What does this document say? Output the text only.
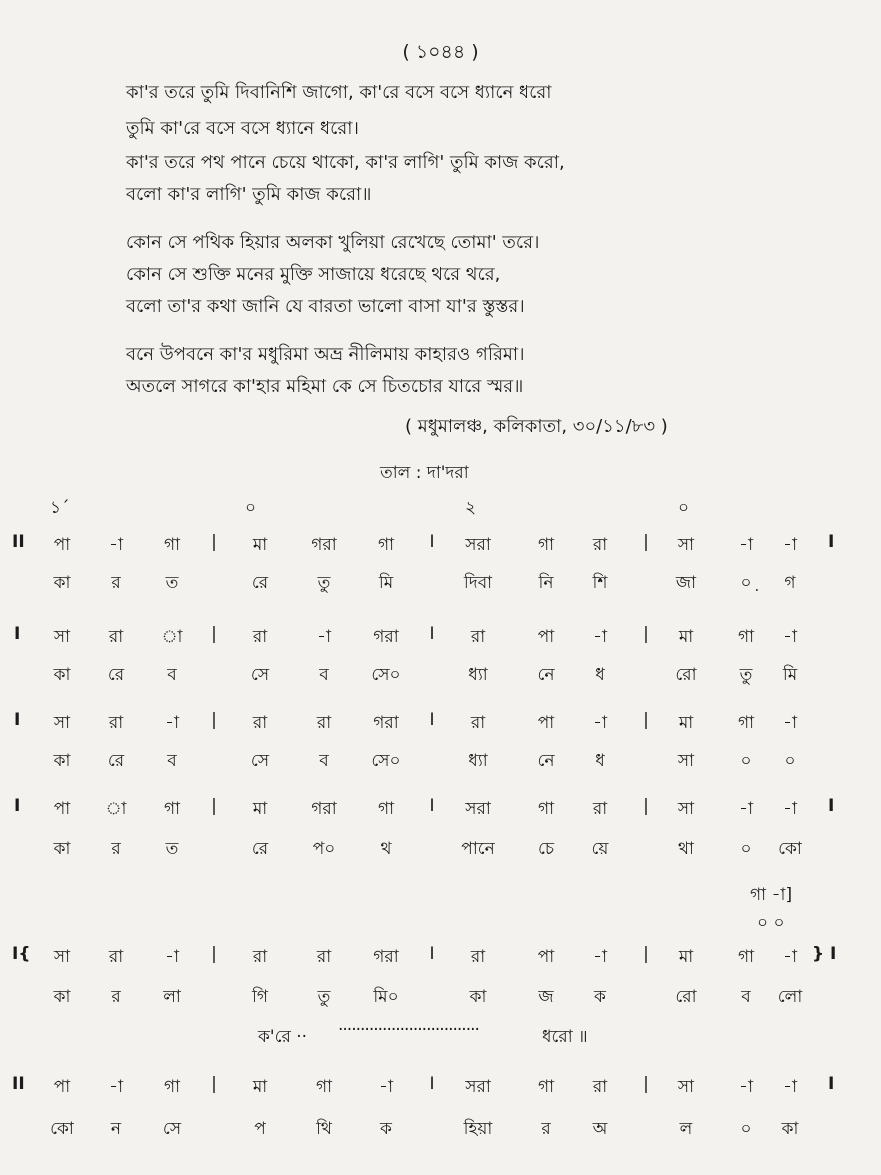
( ১০৪৪ )
কা'র তরে তুমি দিবানিশি জাগো, কা'রে বসে বসে ধ্যানে ধরো
তুমি কা'রে বসে বসে ধ্যানে ধরো।
কা'র তরে পথ পানে চেয়ে থাকো, কা'র লাগি' তুমি কাজ করো,
বলো কা'র লাগি' তুমি কাজ করো॥
কোন সে পথিক হিয়ার অলকা খুলিয়া রেখেছে তোমা' তরে।
কোন সে শুক্তি মনের মুক্তি সাজায়ে ধরেছে থরে থরে,
বলো তা'র কথা জানি যে বারতা ভালো বাসা যা'র স্তুস্তর।
বনে উপবনে কা'র মধুরিমা অভ্র নীলিমায় কাহারও গরিমা।
অতলে সাগরে কা'হার মহিমা কে সে চিতচোর যারে স্মর॥
( মধুমালঞ্চ, কলিকাতা, ৩০/১১/৮৩ )
তাল : দা'দরা
১´	০	২	০
II পা -া গা | মা	গরা গা I সরা	গা রা | সা	-া -া I
কা র	ত	রে	তু	মি	দিবা	নি শি	জা	০় গ
I সা রা া | রা	-া গরা I রা	পা -া | মা	গা -া
কা রে	ব	সে	ব	সে০	ধ্যা	নে ধ	রো	তু মি
I সা রা -া | রা	রা গরা I রা	পা -া | মা	গা -া
কা রে	ব	সে	ব	সে০	ধ্যা	নে ধ	সা	০ ০
I পা া গা | মা	গরা গা I সরা	গা রা | সা	-া -া I
কা র	ত	রে	প০	থ	পানে	চে য়ে	থা	০ কো
I{ সা রা -া | রা	রা গরা I রা	পা -া | মা	গা -া } I
কা র	লা	গি	তু	মি০	কা	জ ক	রো	ব লো
II পা -া গা | মা	গা	-া I সরা	গা রা | সা	-া -া I
কো ন সে	প	থি	ক	হিয়া	র অ	ল	০ কা
গা -া]
০ ০
ক'রে ·· ································	ধরো ॥
